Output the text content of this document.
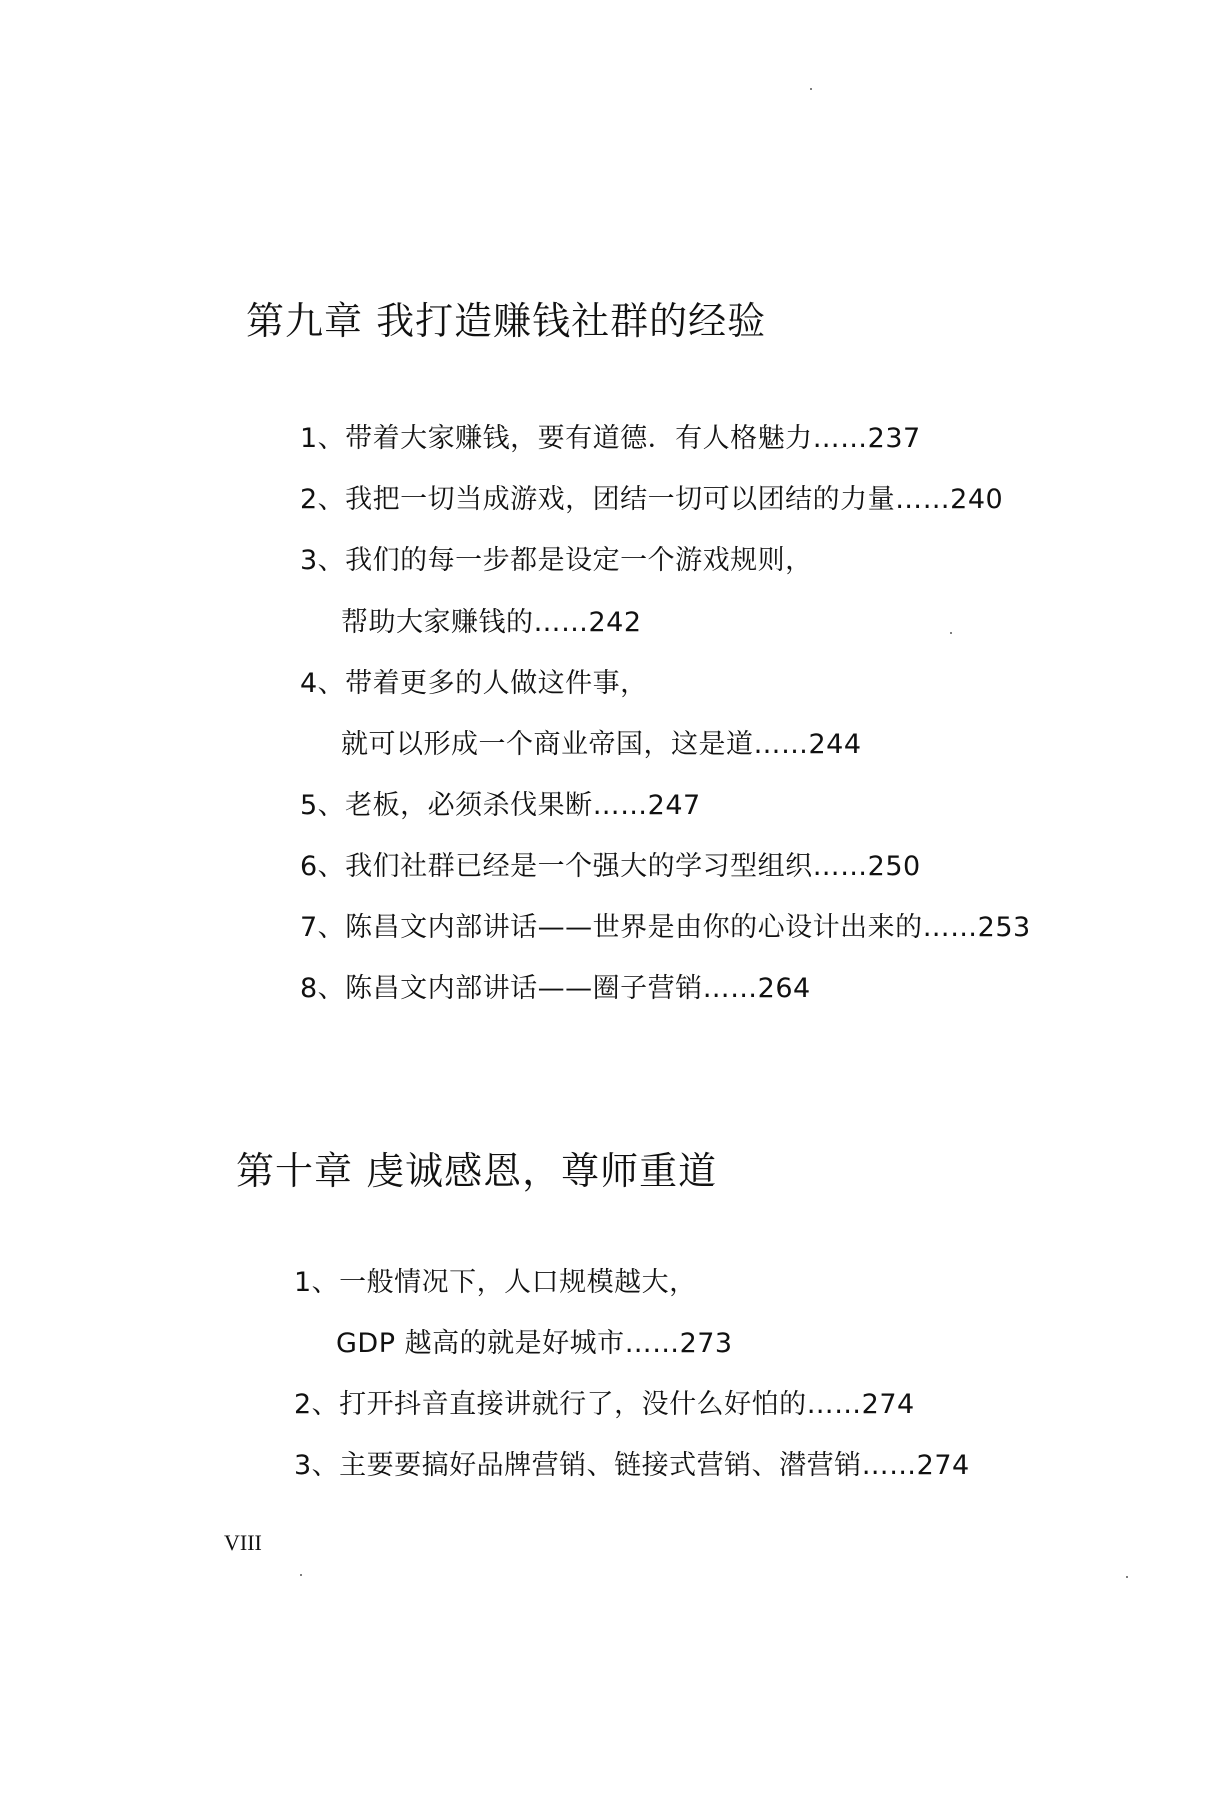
第九章 我打造赚钱社群的经验
1、带着大家赚钱，要有道德．有人格魅力……237
2、我把一切当成游戏，团结一切可以团结的力量……240
3、我们的每一步都是设定一个游戏规则，
帮助大家赚钱的……242
4、带着更多的人做这件事，
就可以形成一个商业帝国，这是道……244
5、老板，必须杀伐果断……247
6、我们社群已经是一个强大的学习型组织……250
7、陈昌文内部讲话——世界是由你的心设计出来的……253
8、陈昌文内部讲话——圈子营销……264
第十章 虔诚感恩，尊师重道
1、一般情况下，人口规模越大，
GDP 越高的就是好城市……273
2、打开抖音直接讲就行了，没什么好怕的……274
3、主要要搞好品牌营销、链接式营销、潜营销……274
VIII
